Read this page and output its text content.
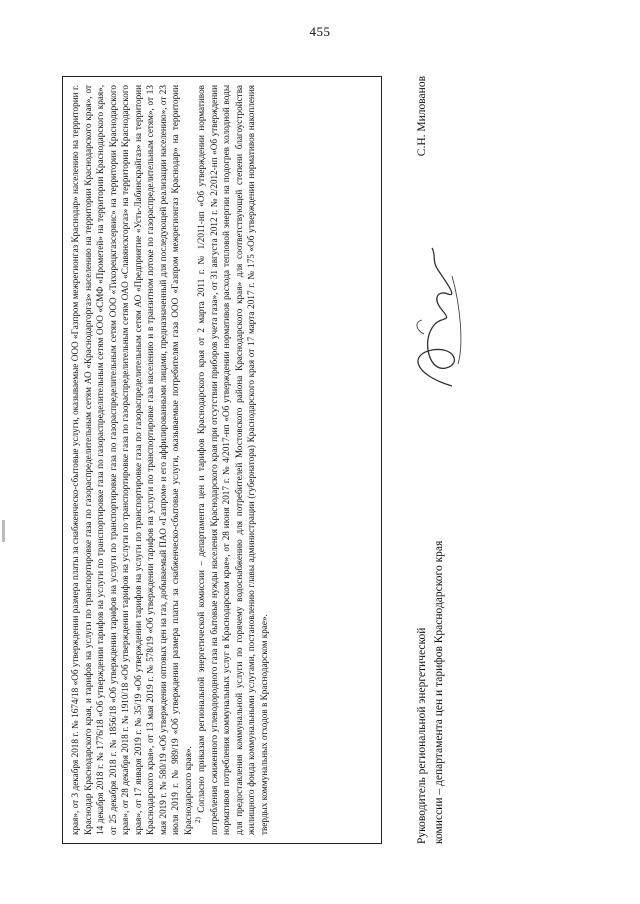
455

края», от 3 декабря 2018 г. № 1674/18 «Об утверждении размера платы за снабженческо-сбытовые услуги, оказываемые ООО «Газпром межрегионгаз Краснодар» населению на территории г. Краснодар Краснодарского края, и тарифов на услуги по транспортировке газа по газораспределительным сетям АО «Краснодаргоргаз» населению на территории Краснодарского края», от 14 декабря 2018 г. № 1776/18 «Об утверждении тарифов на услуги по транспортировке газа по газораспределительным сетям ООО «СМФ «Прометей» на территории Краснодарского края», от 25 декабря 2018 г. № 1856/18 «Об утверждении тарифов на услуги по транспортировке газа по газораспределительным сетям ООО «Тихорецкгазсервис» на территории Краснодарского края», от 28 декабря 2018 г. № 1910/18 «Об утверждении тарифов на услуги по транспортировке газа по газораспределительным сетям ОАО «Славянскгоргаз» на территории Краснодарского края», от 17 января 2019 г. № 35/19 «Об утверждении тарифов на услуги по транспортировке газа по газораспределительным сетям АО «Предприятие «Усть-Лабинскрайгаз» на территории Краснодарского края», от 13 мая 2019 г. № 578/19 «Об утверждении тарифов на услуги по транспортировке газа населению и в транзитном потоке по газораспределительным сетям», от 13 мая 2019 г. № 580/19 «Об утверждении оптовых цен на газ, добываемый ПАО «Газпром» и его аффилированными лицами, предназначенный для последующей реализации населению», от 23 июля 2019 г. № 989/19 «Об утверждении размера платы за снабженческо-сбытовые услуги, оказываемые потребителям газа ООО «Газпром межрегионгаз Краснодар» на территории Краснодарского края». $^{2)}$ Согласно приказам региональной энергетической комиссии – департамента цен и тарифов Краснодарского края от 2 марта 2011 г. № 1/2011-нп «Об утверждении нормативов потребления сжиженного углеводородного газа на бытовые нужды населения Краснодарского края при отсутствии приборов учета газа», от 31 августа 2012 г. № 2/2012-нп «Об утверждении нормативов потребления коммунальных услуг в Краснодарском крае», от 28 июня 2017 г. № 4/2017-нп «Об утверждении нормативов расхода тепловой энергии на подогрев холодной воды для предоставления коммунальной услуги по горячему водоснабжению для потребителей Мостовского района Краснодарского края» для соответствующей степени благоустройства жилищного фонда коммунальными услугами, постановлению главы администрации (губернатора) Краснодарского края от 17 марта 2017 г. № 175 «Об утверждении нормативов накопления твердых коммунальных отходов в Краснодарском крае».	Руководитель региональной энергетической комиссии – департамента цен и тарифов Краснодарского края
С.Н. Милованов
